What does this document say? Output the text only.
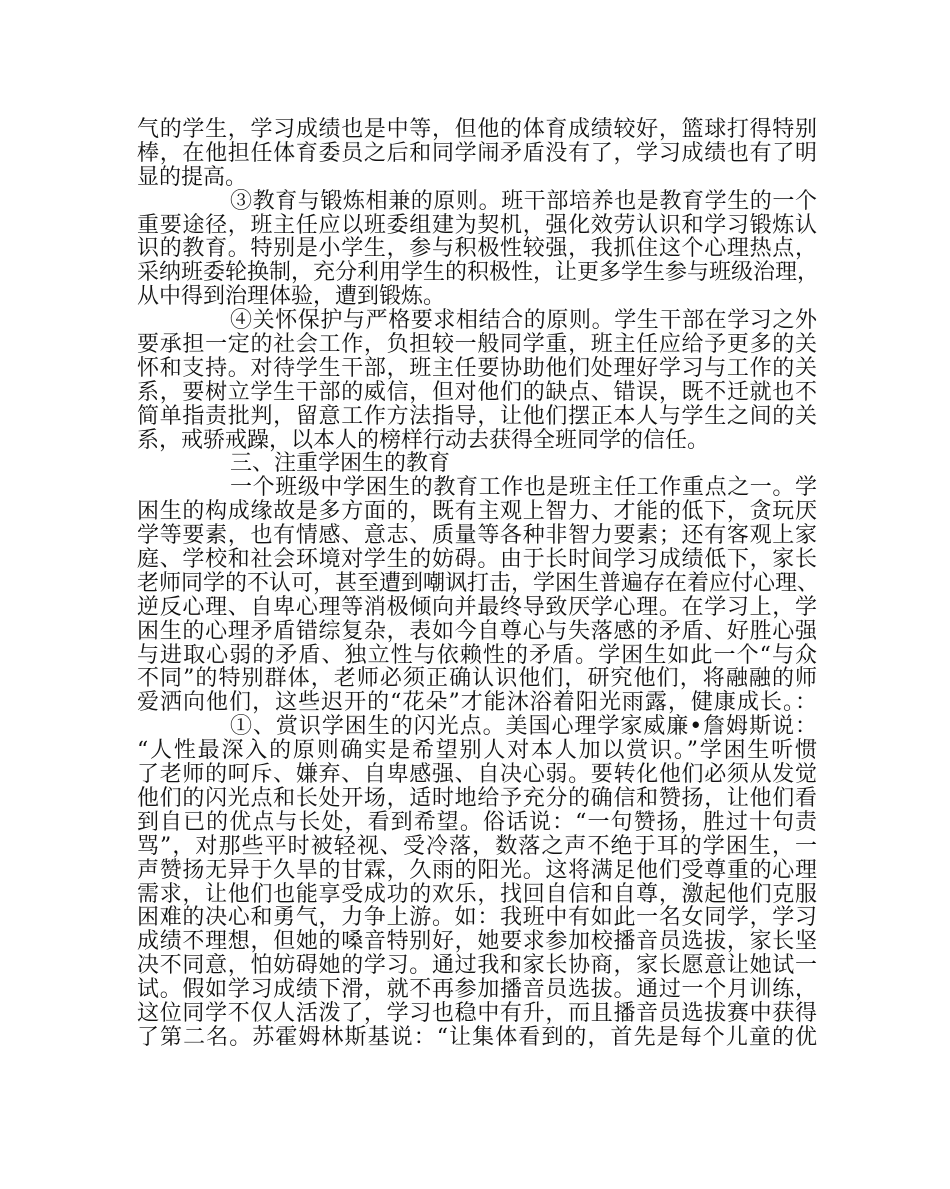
气的学生，学习成绩也是中等，但他的体育成绩较好，篮球打得特别
棒，在他担任体育委员之后和同学闹矛盾没有了，学习成绩也有了明
显的提高。
③教育与锻炼相兼的原则。班干部培养也是教育学生的一个
重要途径，班主任应以班委组建为契机，强化效劳认识和学习锻炼认
识的教育。特别是小学生，参与积极性较强，我抓住这个心理热点，
采纳班委轮换制，充分利用学生的积极性，让更多学生参与班级治理，
从中得到治理体验，遭到锻炼。
④关怀保护与严格要求相结合的原则。学生干部在学习之外
要承担一定的社会工作，负担较一般同学重，班主任应给予更多的关
怀和支持。对待学生干部，班主任要协助他们处理好学习与工作的关
系，要树立学生干部的威信，但对他们的缺点、错误，既不迁就也不
简单指责批判，留意工作方法指导，让他们摆正本人与学生之间的关
系，戒骄戒躁，以本人的榜样行动去获得全班同学的信任。
三、注重学困生的教育
一个班级中学困生的教育工作也是班主任工作重点之一。学
困生的构成缘故是多方面的，既有主观上智力、才能的低下，贪玩厌
学等要素，也有情感、意志、质量等各种非智力要素；还有客观上家
庭、学校和社会环境对学生的妨碍。由于长时间学习成绩低下，家长
老师同学的不认可，甚至遭到嘲讽打击，学困生普遍存在着应付心理、
逆反心理、自卑心理等消极倾向并最终导致厌学心理。在学习上，学
困生的心理矛盾错综复杂，表如今自尊心与失落感的矛盾、好胜心强
与进取心弱的矛盾、独立性与依赖性的矛盾。学困生如此一个“与众
不同”的特别群体，老师必须正确认识他们，研究他们，将融融的师
爱洒向他们，这些迟开的“花朵”才能沐浴着阳光雨露，健康成长。：
①、赏识学困生的闪光点。美国心理学家威廉•詹姆斯说：
“人性最深入的原则确实是希望别人对本人加以赏识。”学困生听惯
了老师的呵斥、嫌弃、自卑感强、自决心弱。要转化他们必须从发觉
他们的闪光点和长处开场，适时地给予充分的确信和赞扬，让他们看
到自已的优点与长处，看到希望。俗话说：“一句赞扬，胜过十句责
骂”，对那些平时被轻视、受冷落，数落之声不绝于耳的学困生，一
声赞扬无异于久旱的甘霖，久雨的阳光。这将满足他们受尊重的心理
需求，让他们也能享受成功的欢乐，找回自信和自尊，激起他们克服
困难的决心和勇气，力争上游。如：我班中有如此一名女同学，学习
成绩不理想，但她的嗓音特别好，她要求参加校播音员选拔，家长坚
决不同意，怕妨碍她的学习。通过我和家长协商，家长愿意让她试一
试。假如学习成绩下滑，就不再参加播音员选拔。通过一个月训练，
这位同学不仅人活泼了，学习也稳中有升，而且播音员选拔赛中获得
了第二名。苏霍姆林斯基说：“让集体看到的，首先是每个儿童的优
